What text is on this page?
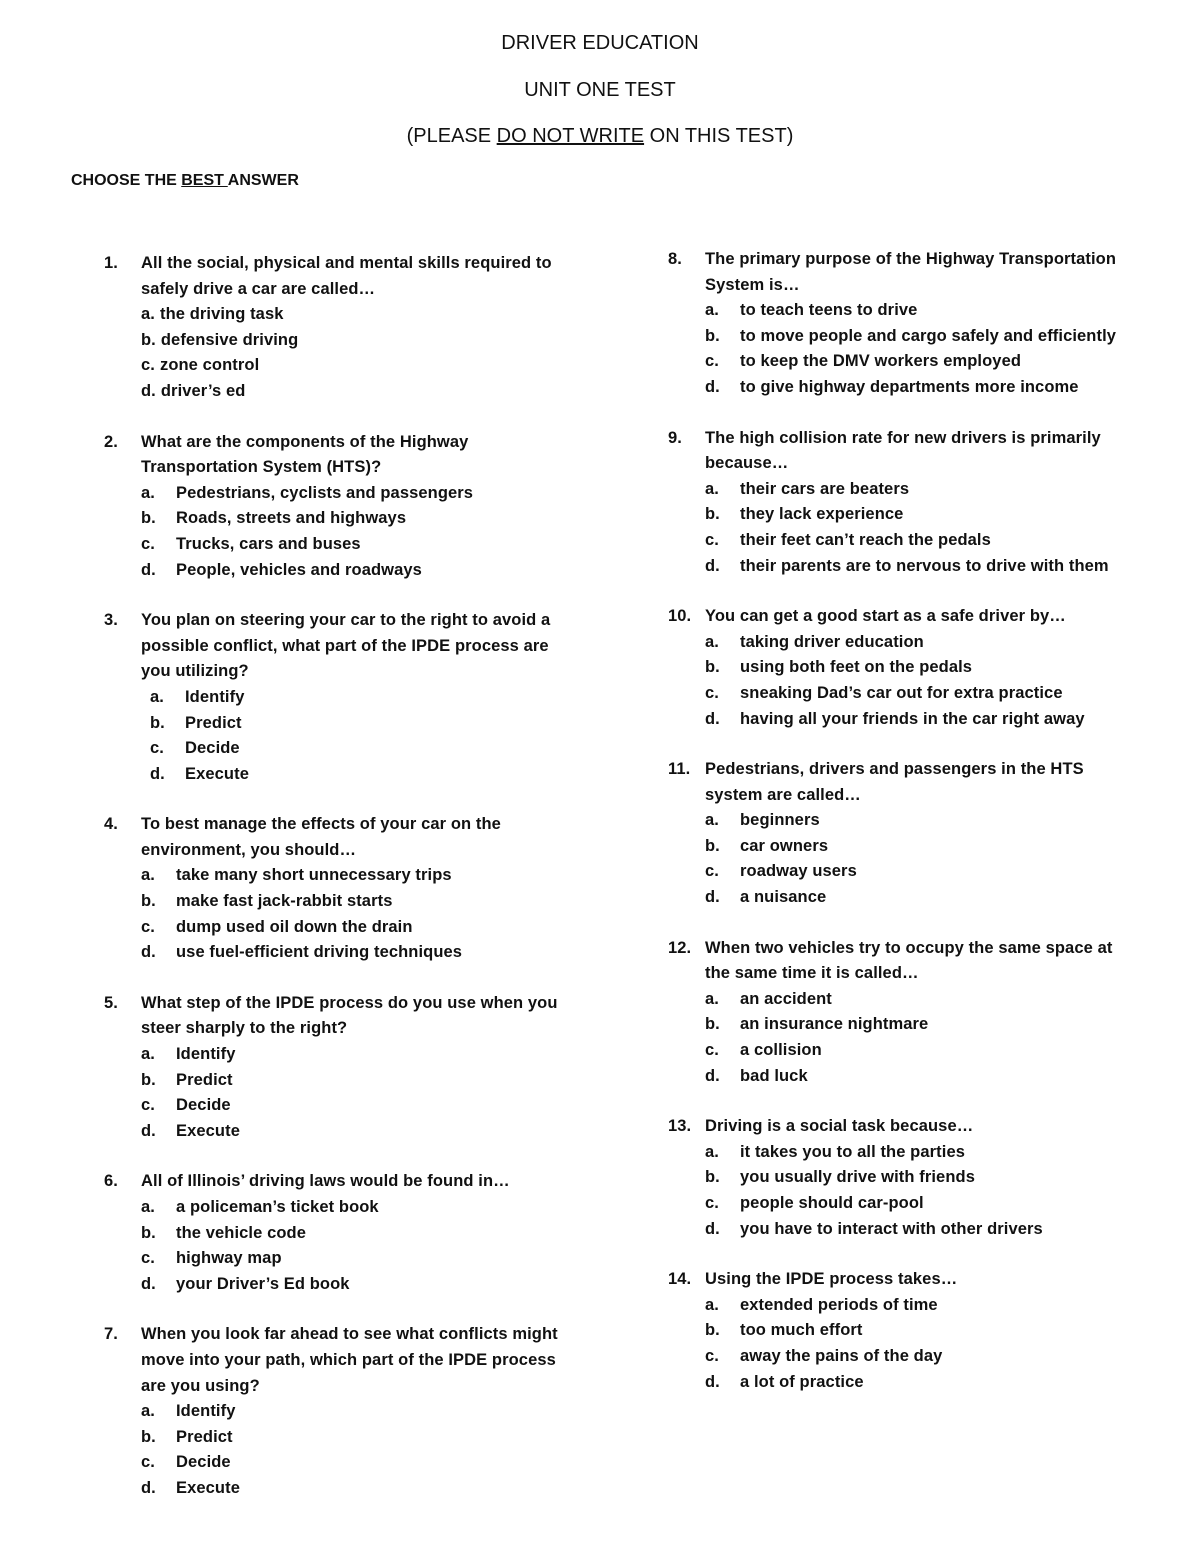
DRIVER EDUCATION
UNIT ONE TEST
(PLEASE DO NOT WRITE ON THIS TEST)
CHOOSE THE BEST ANSWER
1.	All the social, physical and mental skills required to safely drive a car are called…
a. the driving task
b. defensive driving
c. zone control
d. driver’s ed
2.	What are the components of the Highway Transportation System (HTS)?
a.	Pedestrians, cyclists and passengers
b.	Roads, streets and highways
c.	Trucks, cars and buses
d.	People, vehicles and roadways
3.	You plan on steering your car to the right to avoid a possible conflict, what part of the IPDE process are you utilizing?
a.	Identify
b.	Predict
c.	Decide
d.	Execute
4.	To best manage the effects of your car on the environment, you should…
a.	take many short unnecessary trips
b.	make fast jack-rabbit starts
c.	dump used oil down the drain
d.	use fuel-efficient driving techniques
5.	What step of the IPDE process do you use when you steer sharply to the right?
a.	Identify
b.	Predict
c.	Decide
d.	Execute
6.	All of Illinois’ driving laws would be found in…
a.	a policeman’s ticket book
b.	the vehicle code
c.	highway map
d.	your Driver’s Ed book
7.	When you look far ahead to see what conflicts might move into your path, which part of the IPDE process are you using?
a.	Identify
b.	Predict
c.	Decide
d.	Execute
8.	The primary purpose of the Highway Transportation System is…
a.	to teach teens to drive
b.	to move people and cargo safely and efficiently
c.	to keep the DMV workers employed
d.	to give highway departments more income
9.	The high collision rate for new drivers is primarily because…
a.	their cars are beaters
b.	they lack experience
c.	their feet can’t reach the pedals
d.	their parents are to nervous to drive with them
10. You can get a good start as a safe driver by…
a.	taking driver education
b.	using both feet on the pedals
c.	sneaking Dad’s car out for extra practice
d.	having all your friends in the car right away
11. Pedestrians, drivers and passengers in the HTS system are called…
a.	beginners
b.	car owners
c.	roadway users
d.	a nuisance
12. When two vehicles try to occupy the same space at the same time it is called…
a.	an accident
b.	an insurance nightmare
c.	a collision
d.	bad luck
13. Driving is a social task because…
a.	it takes you to all the parties
b.	you usually drive with friends
c.	people should car-pool
d.	you have to interact with other drivers
14. Using the IPDE process takes…
a.	extended periods of time
b.	too much effort
c.	away the pains of the day
d.	a lot of practice
